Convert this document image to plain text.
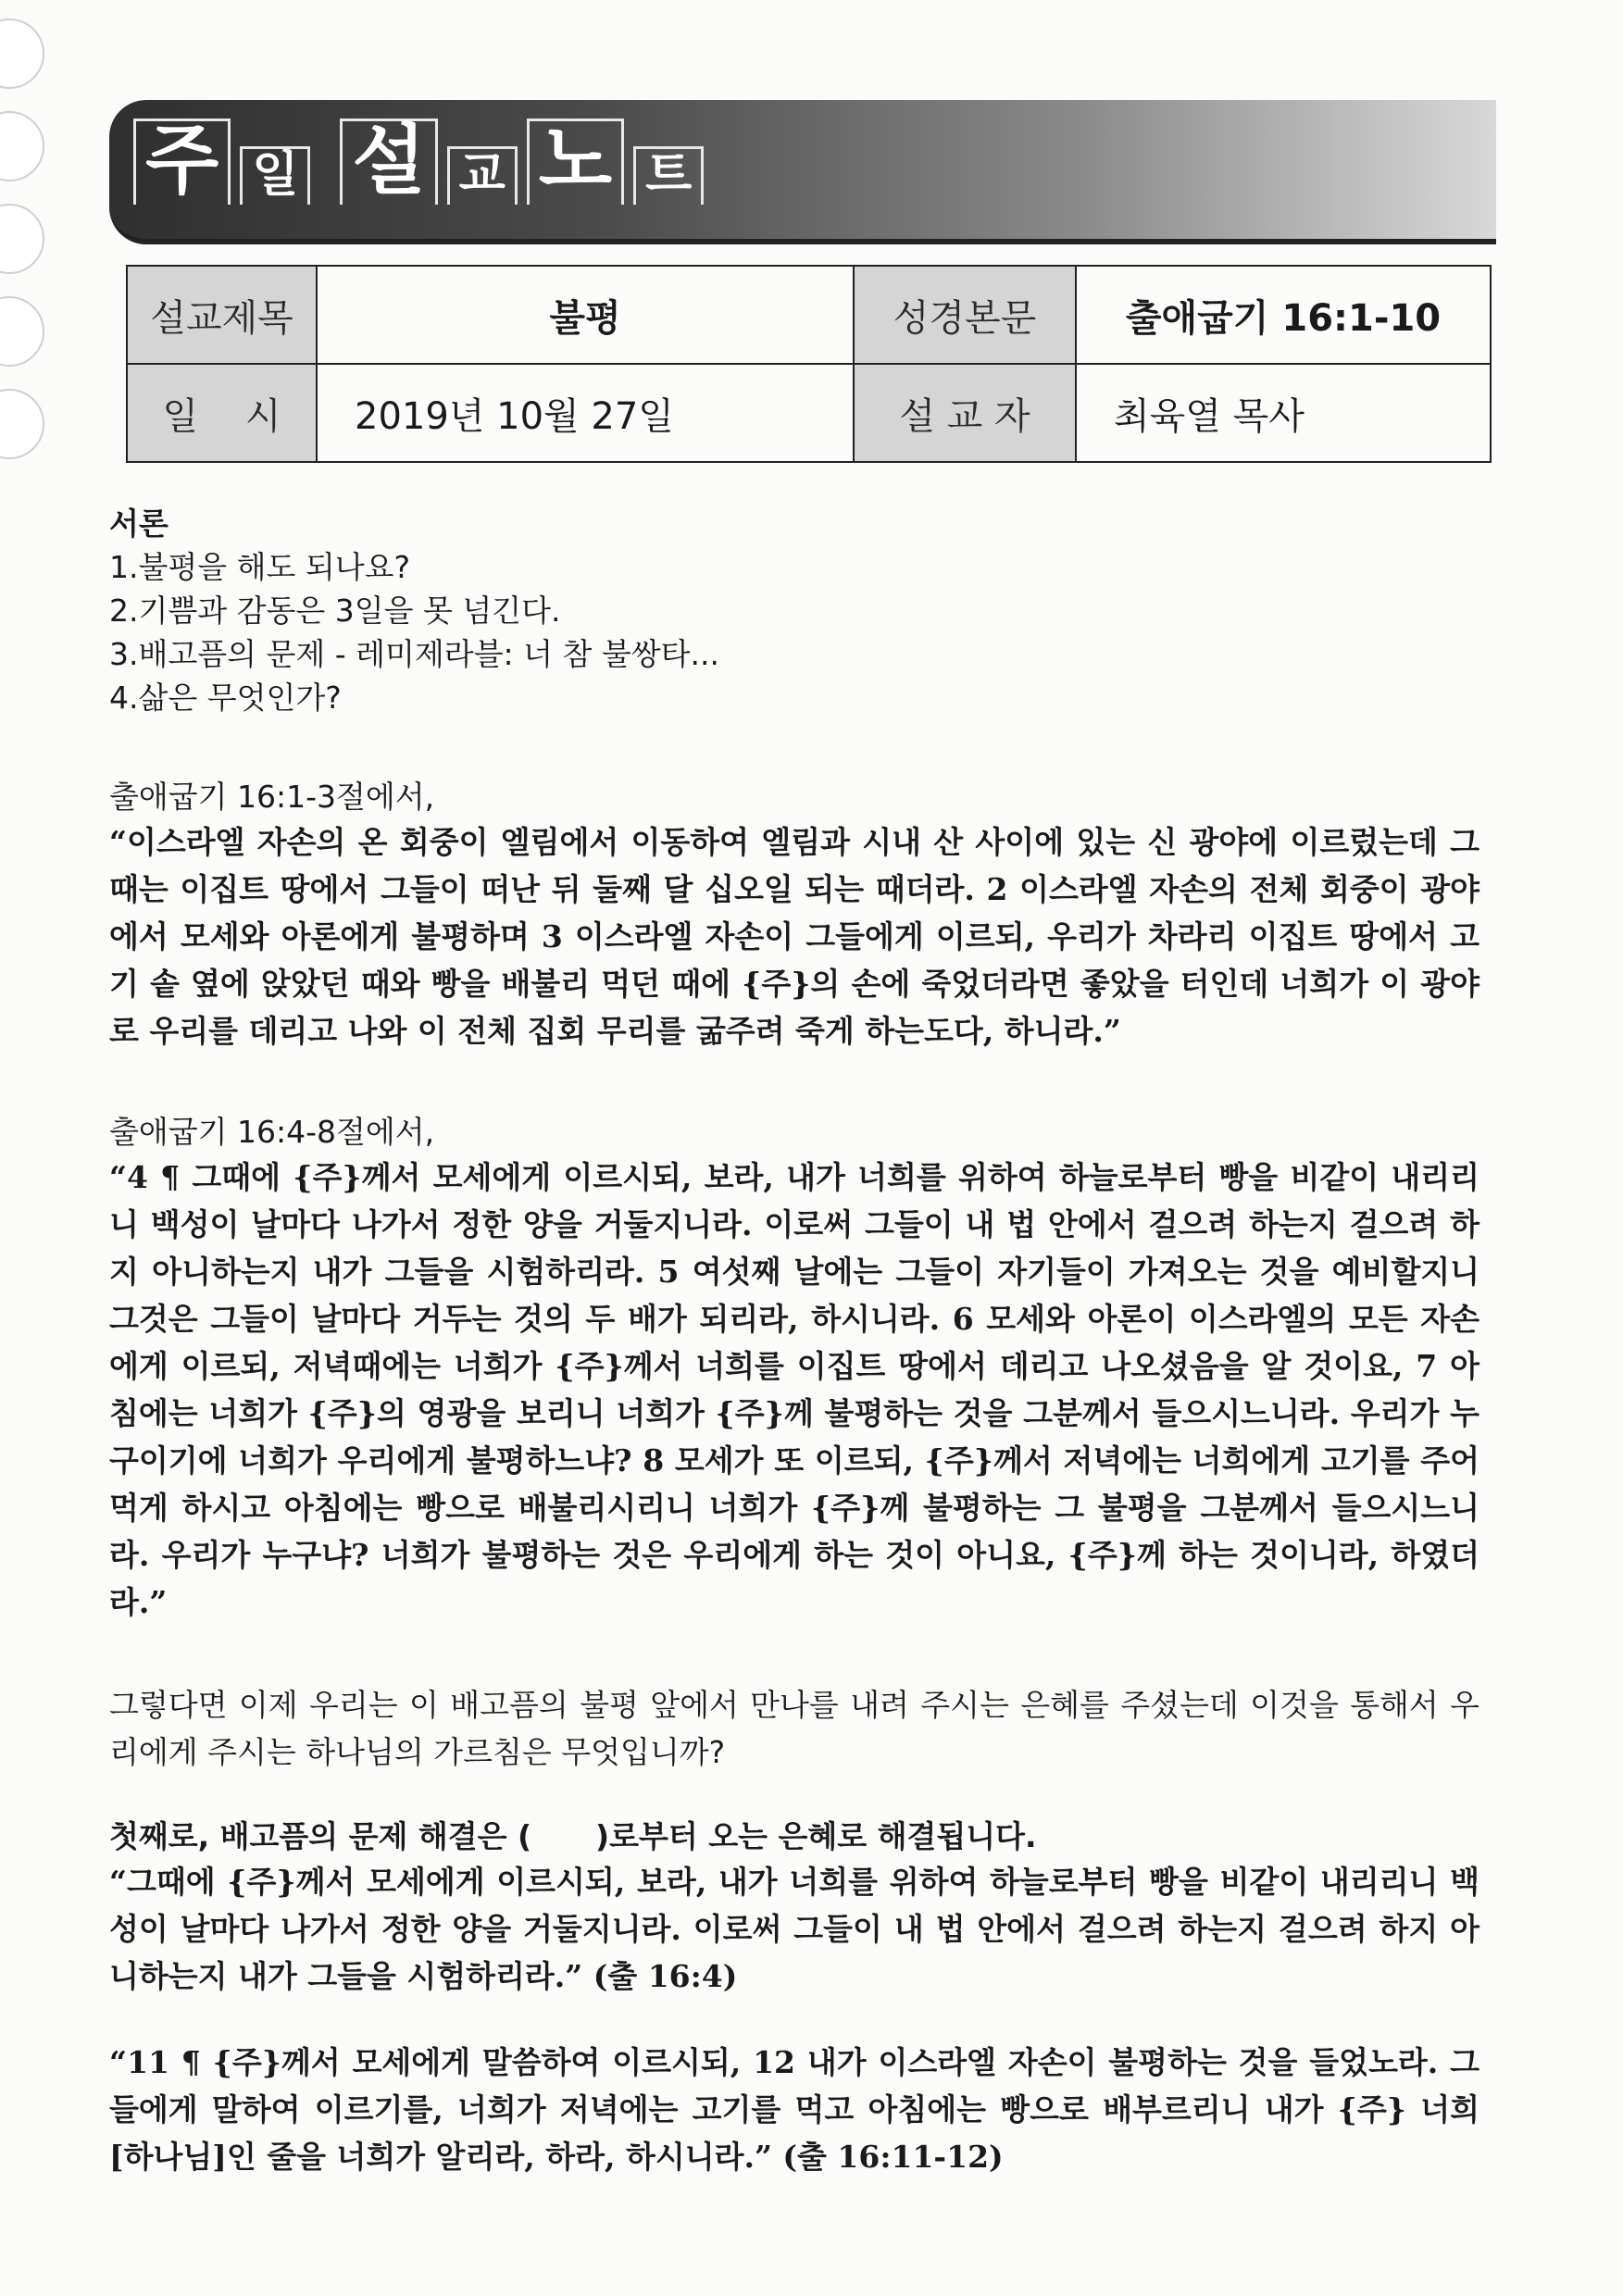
주 일 설 교 노 트
설교제목	불평	성경본문	출애굽기 16:1-10
일    시	2019년 10월 27일	설 교 자	최육열 목사
서론
1.불평을 해도 되나요?
2.기쁨과 감동은 3일을 못 넘긴다.
3.배고픔의 문제 - 레미제라블: 너 참 불쌍타...
4.삶은 무엇인가?
출애굽기 16:1-3절에서,
“이스라엘 자손의 온 회중이 엘림에서 이동하여 엘림과 시내 산 사이에 있는 신 광야에 이르렀는데 그때는 이집트 땅에서 그들이 떠난 뒤 둘째 달 십오일 되는 때더라. 2 이스라엘 자손의 전체 회중이 광야에서 모세와 아론에게 불평하며 3 이스라엘 자손이 그들에게 이르되, 우리가 차라리 이집트 땅에서 고기 솥 옆에 앉았던 때와 빵을 배불리 먹던 때에 {주}의 손에 죽었더라면 좋았을 터인데 너희가 이 광야로 우리를 데리고 나와 이 전체 집회 무리를 굶주려 죽게 하는도다, 하니라.”
출애굽기 16:4-8절에서,
“4 ¶ 그때에 {주}께서 모세에게 이르시되, 보라, 내가 너희를 위하여 하늘로부터 빵을 비같이 내리리니 백성이 날마다 나가서 정한 양을 거둘지니라. 이로써 그들이 내 법 안에서 걸으려 하는지 걸으려 하지 아니하는지 내가 그들을 시험하리라. 5 여섯째 날에는 그들이 자기들이 가져오는 것을 예비할지니 그것은 그들이 날마다 거두는 것의 두 배가 되리라, 하시니라. 6 모세와 아론이 이스라엘의 모든 자손에게 이르되, 저녁때에는 너희가 {주}께서 너희를 이집트 땅에서 데리고 나오셨음을 알 것이요, 7 아침에는 너희가 {주}의 영광을 보리니 너희가 {주}께 불평하는 것을 그분께서 들으시느니라. 우리가 누구이기에 너희가 우리에게 불평하느냐? 8 모세가 또 이르되, {주}께서 저녁에는 너희에게 고기를 주어 먹게 하시고 아침에는 빵으로 배불리시리니 너희가 {주}께 불평하는 그 불평을 그분께서 들으시느니라. 우리가 누구냐? 너희가 불평하는 것은 우리에게 하는 것이 아니요, {주}께 하는 것이니라, 하였더라.”
그렇다면 이제 우리는 이 배고픔의 불평 앞에서 만나를 내려 주시는 은혜를 주셨는데 이것을 통해서 우리에게 주시는 하나님의 가르침은 무엇입니까?
첫째로, 배고픔의 문제 해결은 (      )로부터 오는 은혜로 해결됩니다.
“그때에 {주}께서 모세에게 이르시되, 보라, 내가 너희를 위하여 하늘로부터 빵을 비같이 내리리니 백성이 날마다 나가서 정한 양을 거둘지니라. 이로써 그들이 내 법 안에서 걸으려 하는지 걸으려 하지 아니하는지 내가 그들을 시험하리라.” (출 16:4)
“11 ¶ {주}께서 모세에게 말씀하여 이르시되, 12 내가 이스라엘 자손이 불평하는 것을 들었노라. 그들에게 말하여 이르기를, 너희가 저녁에는 고기를 먹고 아침에는 빵으로 배부르리니 내가 {주} 너희 [하나님]인 줄을 너희가 알리라, 하라, 하시니라.” (출 16:11-12)
